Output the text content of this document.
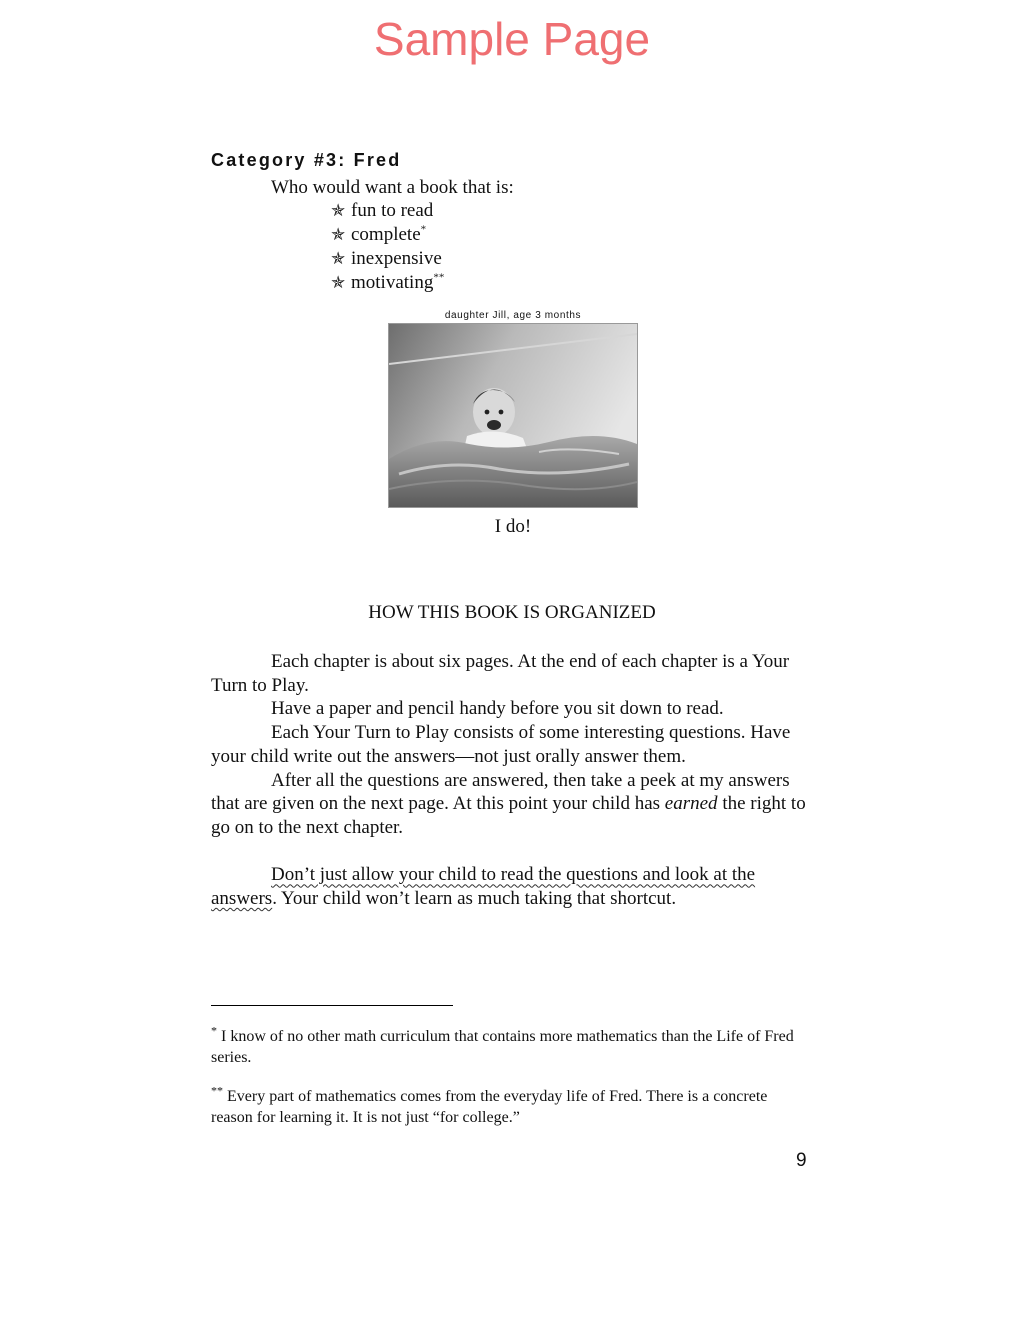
Sample Page
Category #3: Fred
Who would want a book that is:
✯ fun to read
✯ complete*
✯ inexpensive
✯ motivating**
daughter Jill, age 3 months
I do!
HOW THIS BOOK IS ORGANIZED

Each chapter is about six pages. At the end of each chapter is a Your Turn to Play.

Have a paper and pencil handy before you sit down to read.

Each Your Turn to Play consists of some interesting questions. Have your child write out the answers—not just orally answer them.

After all the questions are answered, then take a peek at my answers that are given on the next page. At this point your child has earned the right to go on to the next chapter.

Don’t just allow your child to read the questions and look at the answers. Your child won’t learn as much taking that shortcut.

* I know of no other math curriculum that contains more mathematics than the Life of Fred series.

** Every part of mathematics comes from the everyday life of Fred. There is a concrete reason for learning it. It is not just “for college.”

9
